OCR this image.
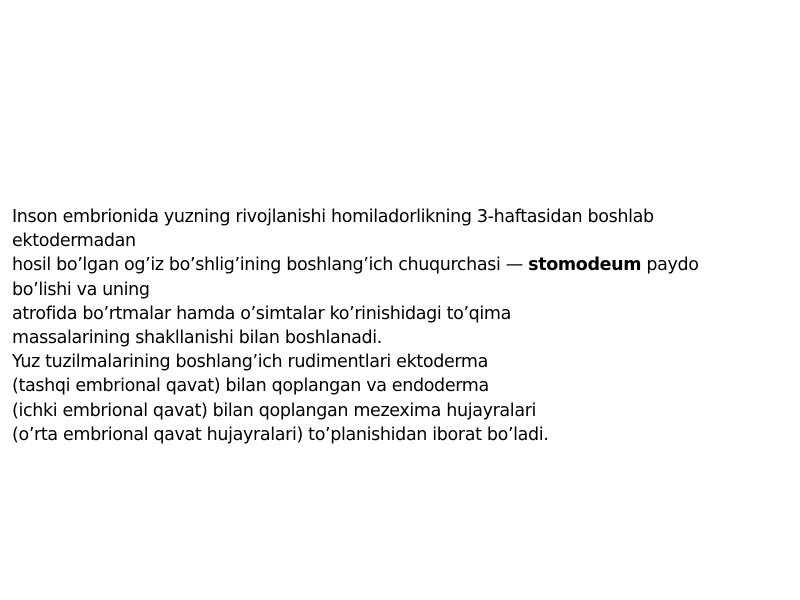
Inson embrionida yuzning rivojlanishi homiladorlikning 3-haftasidan boshlab
ektodermadan
hosil bo’lgan og’iz bo’shlig’ining boshlang’ich chuqurchasi — stomodeum paydo
bo’lishi va uning
atrofida bo’rtmalar hamda o’simtalar ko’rinishidagi to’qima
massalarining shakllanishi bilan boshlanadi.
Yuz tuzilmalarining boshlang’ich rudimentlari ektoderma
(tashqi embrional qavat) bilan qoplangan va endoderma
(ichki embrional qavat) bilan qoplangan mezexima hujayralari
(o’rta embrional qavat hujayralari) to’planishidan iborat bo’ladi.
